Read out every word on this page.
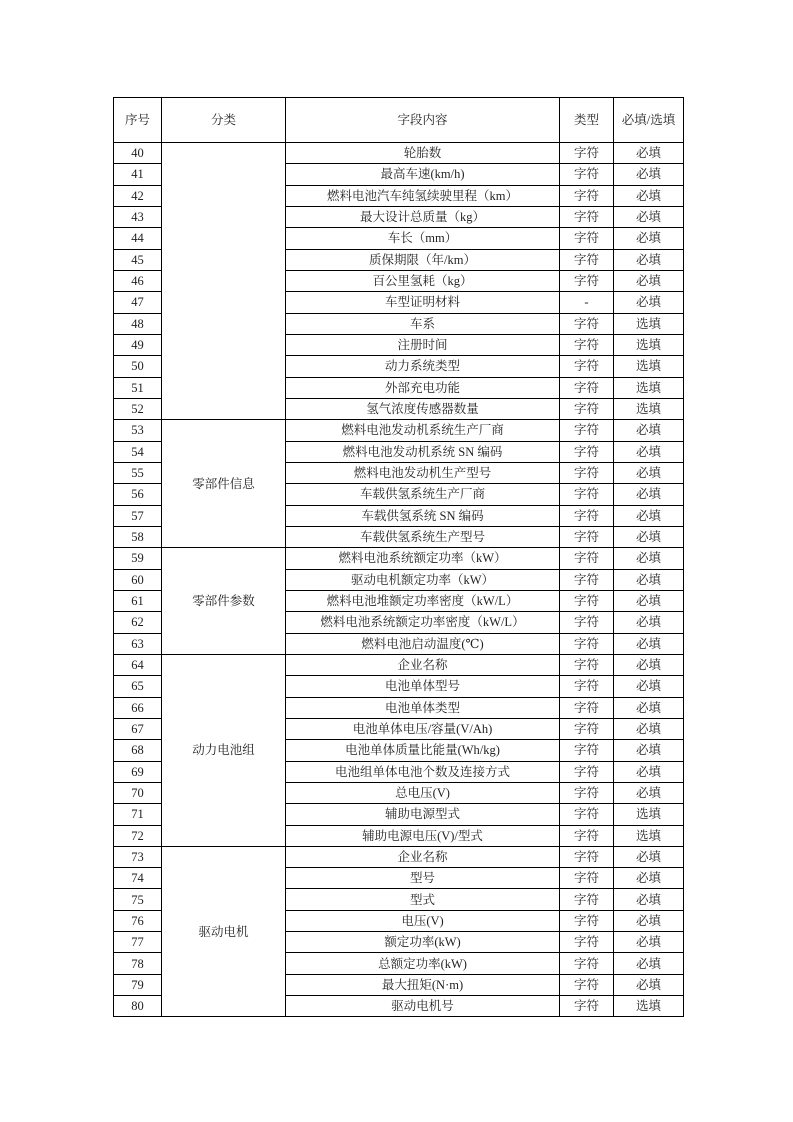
序号	分类	字段内容	类型	必填/选填
40		轮胎数	字符	必填
41		最高车速(km/h)	字符	必填
42		燃料电池汽车纯氢续驶里程（km）	字符	必填
43		最大设计总质量（kg）	字符	必填
44		车长（mm）	字符	必填
45		质保期限（年/km）	字符	必填
46		百公里氢耗（kg）	字符	必填
47		车型证明材料	-	必填
48		车系	字符	选填
49		注册时间	字符	选填
50		动力系统类型	字符	选填
51		外部充电功能	字符	选填
52		氢气浓度传感器数量	字符	选填
53	零部件信息	燃料电池发动机系统生产厂商	字符	必填
54		燃料电池发动机系统 SN 编码	字符	必填
55		燃料电池发动机生产型号	字符	必填
56		车载供氢系统生产厂商	字符	必填
57		车载供氢系统 SN 编码	字符	必填
58		车载供氢系统生产型号	字符	必填
59	零部件参数	燃料电池系统额定功率（kW）	字符	必填
60		驱动电机额定功率（kW）	字符	必填
61		燃料电池堆额定功率密度（kW/L）	字符	必填
62		燃料电池系统额定功率密度（kW/L）	字符	必填
63		燃料电池启动温度(℃)	字符	必填
64	动力电池组	企业名称	字符	必填
65		电池单体型号	字符	必填
66		电池单体类型	字符	必填
67		电池单体电压/容量(V/Ah)	字符	必填
68		电池单体质量比能量(Wh/kg)	字符	必填
69		电池组单体电池个数及连接方式	字符	必填
70		总电压(V)	字符	必填
71		辅助电源型式	字符	选填
72		辅助电源电压(V)/型式	字符	选填
73	驱动电机	企业名称	字符	必填
74		型号	字符	必填
75		型式	字符	必填
76		电压(V)	字符	必填
77		额定功率(kW)	字符	必填
78		总额定功率(kW)	字符	必填
79		最大扭矩(N·m)	字符	必填
80		驱动电机号	字符	选填
